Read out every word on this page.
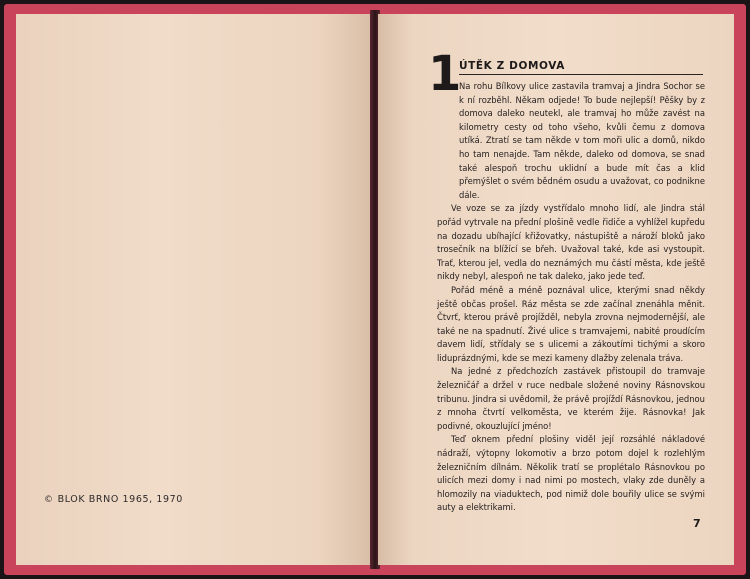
© BLOK BRNO 1965, 1970
1
ÚTĚK Z DOMOVA

Na rohu Bílkovy ulice zastavila tramvaj a Jindra Sochor se k ní rozběhl. Někam odjede! To bude nejlepší! Pěšky by z domova daleko neutekl, ale tramvaj ho může zavést na kilometry cesty od toho všeho, kvůli čemu z domova utíká. Ztratí se tam někde v tom moři ulic a domů, nikdo ho tam nenajde. Tam někde, daleko od domova, se snad také alespoň trochu uklidní a bude mít čas a klid přemýšlet o svém bědném osudu a uvažovat, co podnikne dále.

Ve voze se za jízdy vystřídalo mnoho lidí, ale Jindra stál pořád vytrvale na přední plošině vedle řidiče a vyhlížel kupředu na dozadu ubíhající křižovatky, nástupiště a nároží bloků jako trosečník na blížící se břeh. Uvažoval také, kde asi vystoupit. Trať, kterou jel, vedla do neznámých mu částí města, kde ještě nikdy nebyl, alespoň ne tak daleko, jako jede teď.

Pořád méně a méně poznával ulice, kterými snad někdy ještě občas prošel. Ráz města se zde začínal znenáhla měnit. Čtvrť, kterou právě projížděl, nebyla zrovna nejmodernější, ale také ne na spadnutí. Živé ulice s tramvajemi, nabité proudícím davem lidí, střídaly se s ulicemi a zákoutími tichými a skoro liduprázdnými, kde se mezi kameny dlažby zelenala tráva.

Na jedné z předchozích zastávek přistoupil do tramvaje železničář a držel v ruce nedbale složené noviny Rásnovskou tribunu. Jindra si uvědomil, že právě projíždí Rásnovkou, jednou z mnoha čtvrtí velkoměsta, ve kterém žije. Rásnovka! Jak podivné, okouzlující jméno!

Teď oknem přední plošiny viděl její rozsáhlé nákladové nádraží, výtopny lokomotiv a brzo potom dojel k rozlehlým železničním dílnám. Několik tratí se proplétalo Rásnovkou po ulicích mezi domy i nad nimi po mostech, vlaky zde duněly a hlomozily na viaduktech, pod nimiž dole bouřily ulice se svými auty a elektrikami.

7
